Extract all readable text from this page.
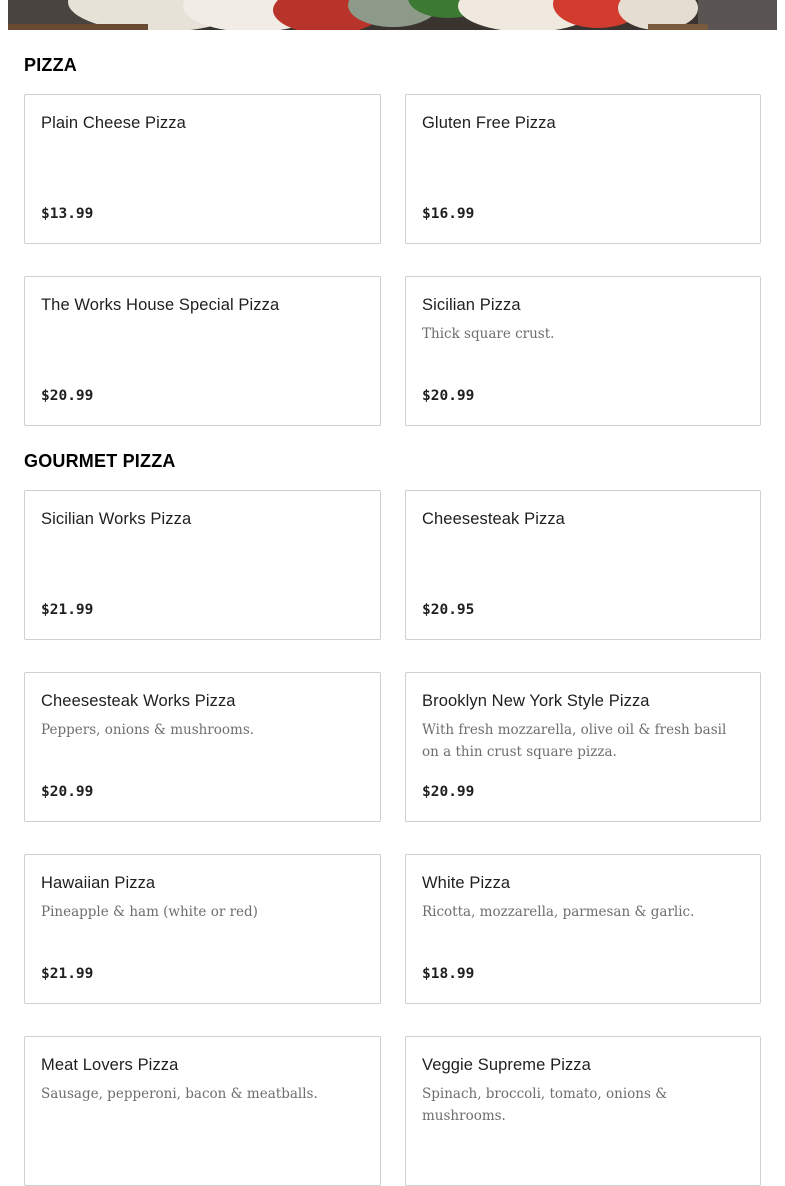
PIZZA
Plain Cheese Pizza
$13.99
Gluten Free Pizza
$16.99
The Works House Special Pizza
$20.99
Sicilian Pizza
Thick square crust.
$20.99
GOURMET PIZZA
Sicilian Works Pizza
$21.99
Cheesesteak Pizza
$20.95
Cheesesteak Works Pizza
Peppers, onions & mushrooms.
$20.99
Brooklyn New York Style Pizza
With fresh mozzarella, olive oil & fresh basil on a thin crust square pizza.
$20.99
Hawaiian Pizza
Pineapple & ham (white or red)
$21.99
White Pizza
Ricotta, mozzarella, parmesan & garlic.
$18.99
Meat Lovers Pizza
Sausage, pepperoni, bacon & meatballs.
Veggie Supreme Pizza
Spinach, broccoli, tomato, onions & mushrooms.
